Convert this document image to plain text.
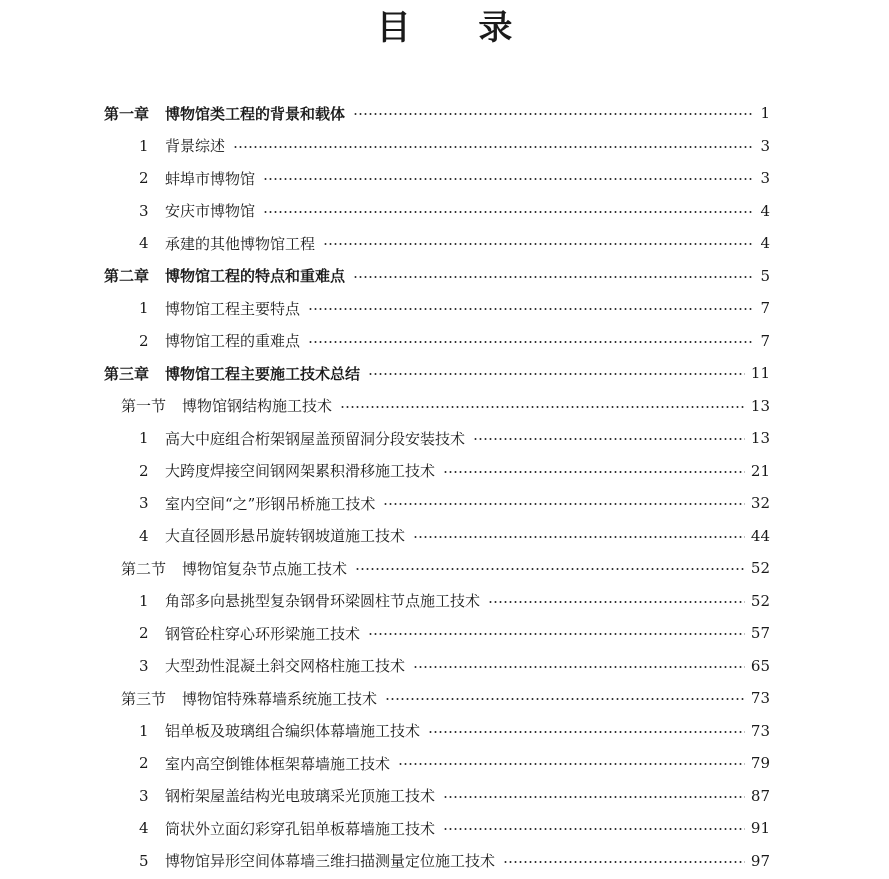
目 录
第一章 博物馆类工程的背景和载体	1
1	背景综述	3
2	蚌埠市博物馆	3
3	安庆市博物馆	4
4	承建的其他博物馆工程	4
第二章 博物馆工程的特点和重难点	5
1	博物馆工程主要特点	7
2	博物馆工程的重难点	7
第三章 博物馆工程主要施工技术总结	11
第一节 博物馆钢结构施工技术	13
1	高大中庭组合桁架钢屋盖预留洞分段安装技术	13
2	大跨度焊接空间钢网架累积滑移施工技术	21
3	室内空间“之”形钢吊桥施工技术	32
4	大直径圆形悬吊旋转钢坡道施工技术	44
第二节 博物馆复杂节点施工技术	52
1	角部多向悬挑型复杂钢骨环梁圆柱节点施工技术	52
2	钢管砼柱穿心环形梁施工技术	57
3	大型劲性混凝土斜交网格柱施工技术	65
第三节 博物馆特殊幕墙系统施工技术	73
1	铝单板及玻璃组合编织体幕墙施工技术	73
2	室内高空倒锥体框架幕墙施工技术	79
3	钢桁架屋盖结构光电玻璃采光顶施工技术	87
4	筒状外立面幻彩穿孔铝单板幕墙施工技术	91
5	博物馆异形空间体幕墙三维扫描测量定位施工技术	97
